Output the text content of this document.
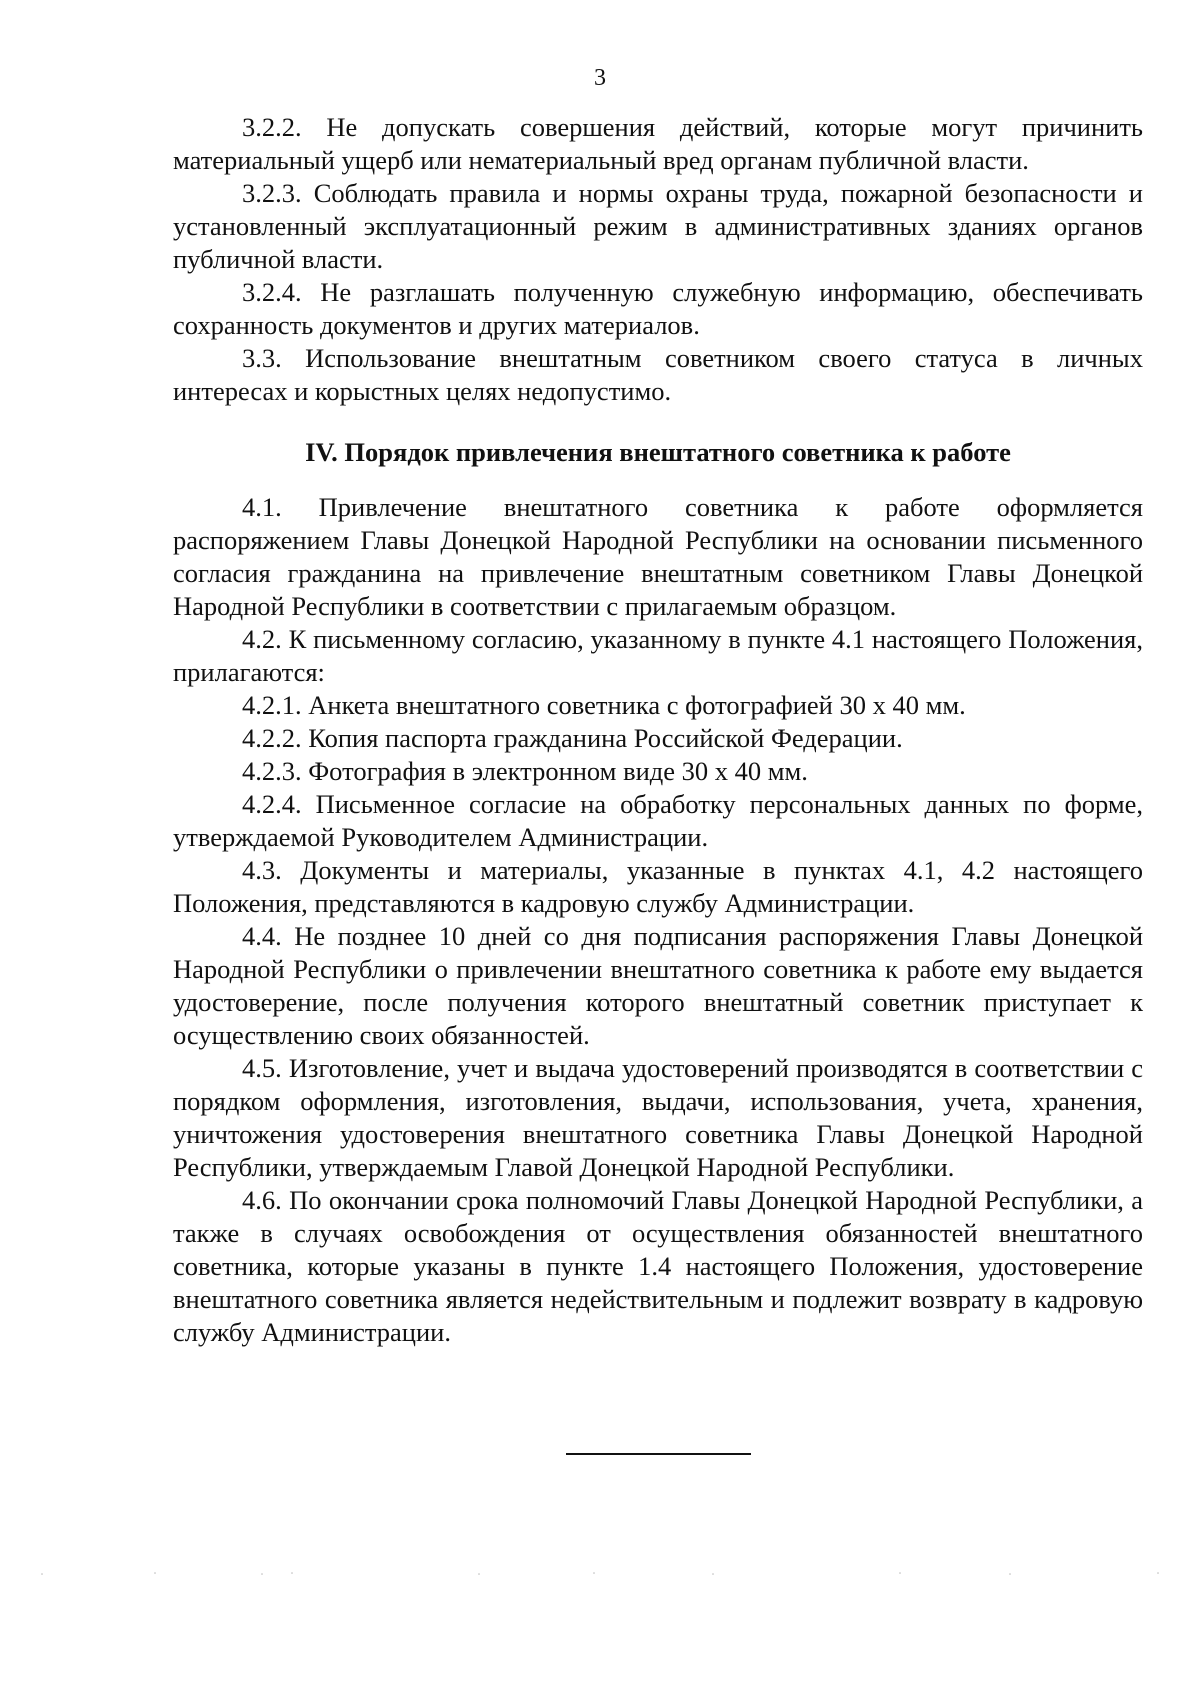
3

3.2.2. Не допускать совершения действий, которые могут причинить материальный ущерб или нематериальный вред органам публичной власти.

3.2.3. Соблюдать правила и нормы охраны труда, пожарной безопасности и установленный эксплуатационный режим в административных зданиях органов публичной власти.

3.2.4. Не разглашать полученную служебную информацию, обеспечивать сохранность документов и других материалов.

3.3. Использование внештатным советником своего статуса в личных интересах и корыстных целях недопустимо.

IV. Порядок привлечения внештатного советника к работе

4.1. Привлечение внештатного советника к работе оформляется распоряжением Главы Донецкой Народной Республики на основании письменного согласия гражданина на привлечение внештатным советником Главы Донецкой Народной Республики в соответствии с прилагаемым образцом.

4.2. К письменному согласию, указанному в пункте 4.1 настоящего Положения, прилагаются:

4.2.1. Анкета внештатного советника с фотографией 30 х 40 мм.

4.2.2. Копия паспорта гражданина Российской Федерации.

4.2.3. Фотография в электронном виде 30 х 40 мм.

4.2.4. Письменное согласие на обработку персональных данных по форме, утверждаемой Руководителем Администрации.

4.3. Документы и материалы, указанные в пунктах 4.1, 4.2 настоящего Положения, представляются в кадровую службу Администрации.

4.4. Не позднее 10 дней со дня подписания распоряжения Главы Донецкой Народной Республики о привлечении внештатного советника к работе ему выдается удостоверение, после получения которого внештатный советник приступает к осуществлению своих обязанностей.

4.5. Изготовление, учет и выдача удостоверений производятся в соответствии с порядком оформления, изготовления, выдачи, использования, учета, хранения, уничтожения удостоверения внештатного советника Главы Донецкой Народной Республики, утверждаемым Главой Донецкой Народной Республики.

4.6. По окончании срока полномочий Главы Донецкой Народной Республики, а также в случаях освобождения от осуществления обязанностей внештатного советника, которые указаны в пункте 1.4 настоящего Положения, удостоверение внештатного советника является недействительным и подлежит возврату в кадровую службу Администрации.
